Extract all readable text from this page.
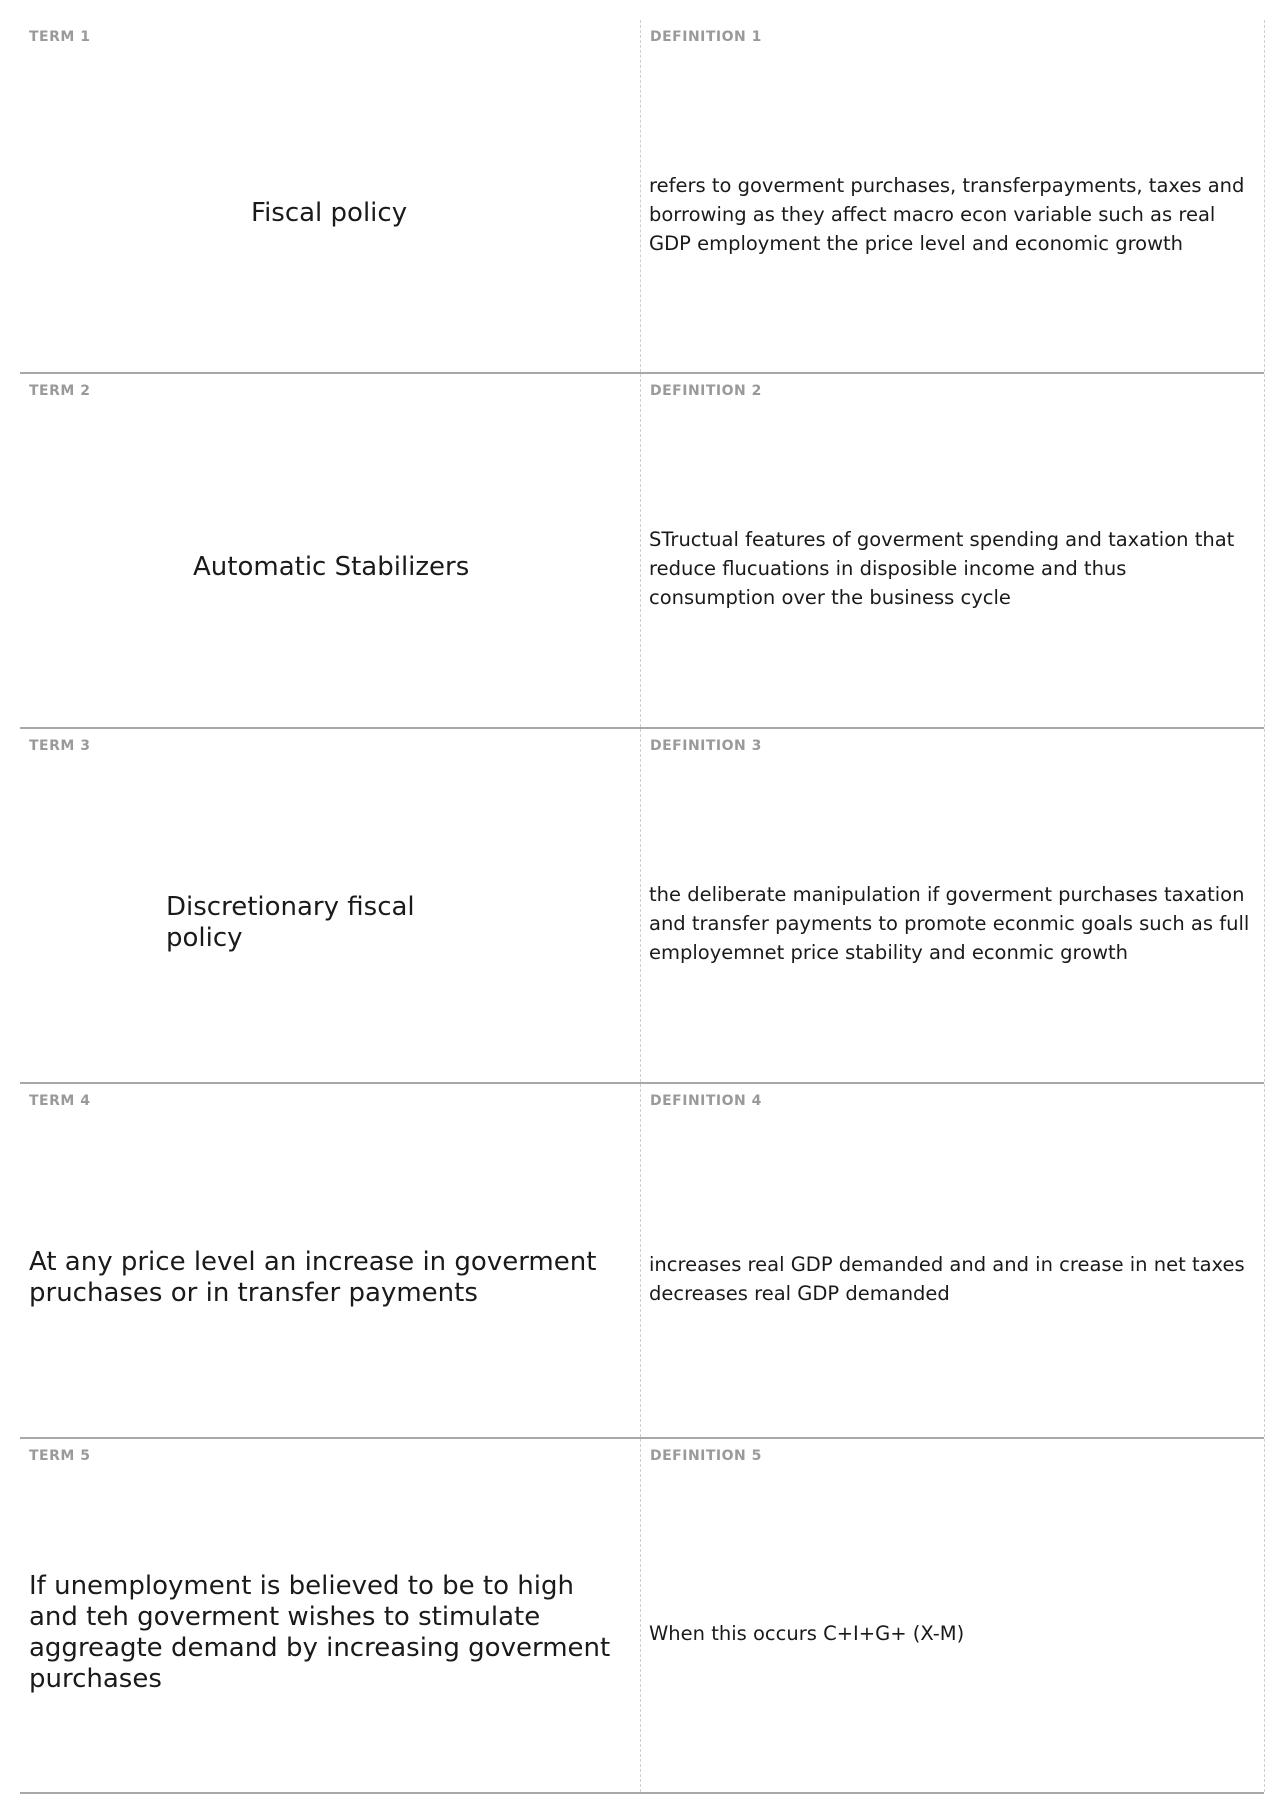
TERM 1
Fiscal policy
DEFINITION 1
refers to goverment purchases, transferpayments, taxes and borrowing as they affect macro econ variable such as real GDP employment the price level and economic growth
TERM 2
Automatic Stabilizers
DEFINITION 2
STructual features of goverment spending and taxation that reduce flucuations in disposible income and thus consumption over the business cycle
TERM 3
Discretionary fiscal policy
DEFINITION 3
the deliberate manipulation if goverment purchases taxation and transfer payments to promote econmic goals such as full employemnet price stability and econmic growth
TERM 4
At any price level an increase in goverment pruchases or in transfer payments
DEFINITION 4
increases real GDP demanded and and in crease in net taxes decreases real GDP demanded
TERM 5
If unemployment is believed to be to high and teh goverment wishes to stimulate aggreagte demand by increasing goverment purchases
DEFINITION 5
When this occurs C+I+G+ (X-M)
